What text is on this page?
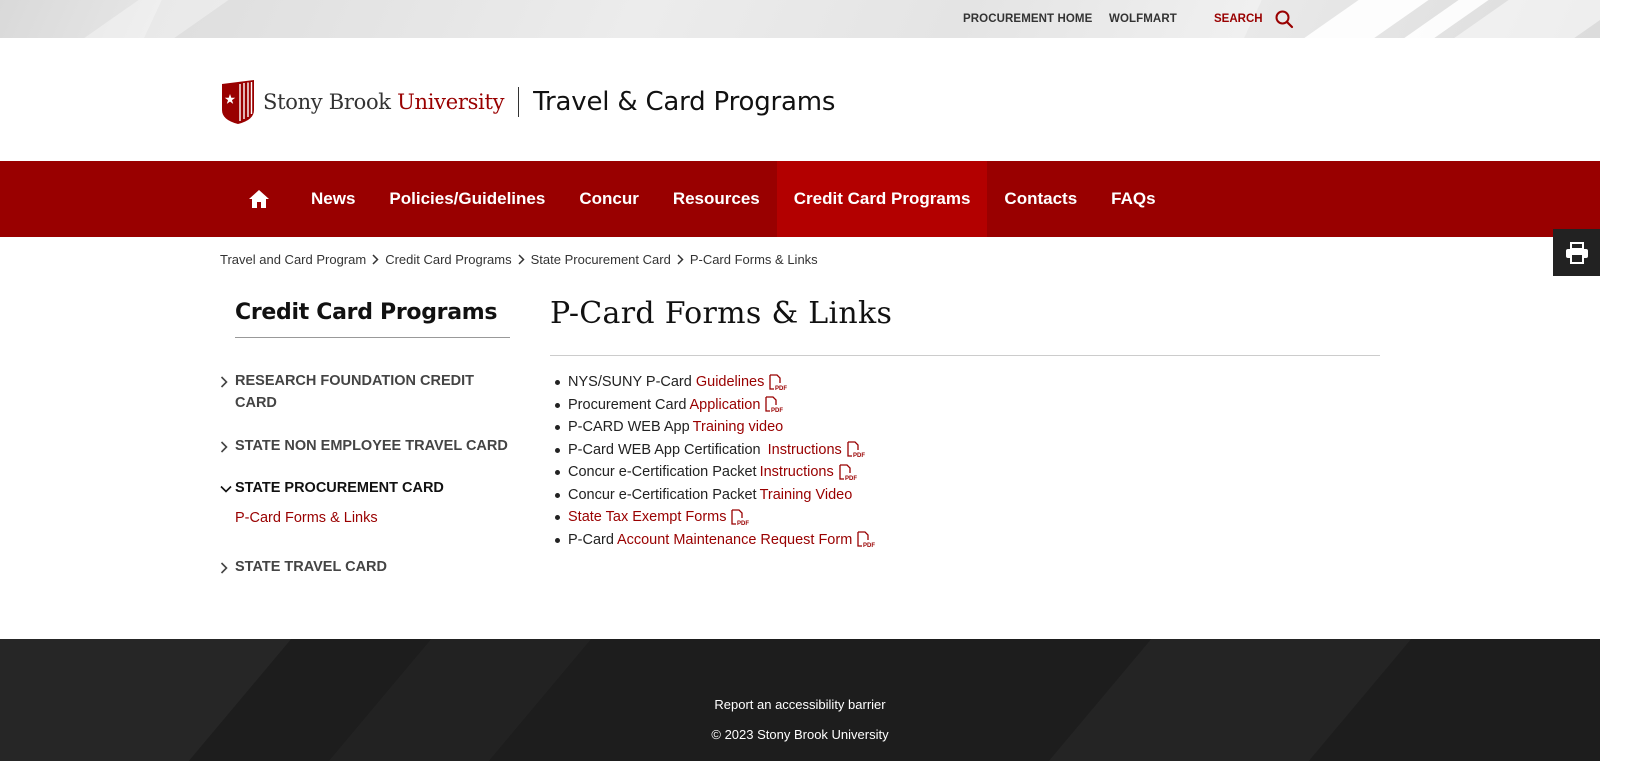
PROCUREMENT HOME WOLFMART	SEARCH
Stony Brook University Travel & Card Programs
News	Policies/Guidelines	Concur	Resources	Credit Card Programs	Contacts	FAQs
Travel and Card Program Credit Card Programs State Procurement Card P-Card Forms & Links
Credit Card Programs
RESEARCH FOUNDATION CREDIT CARD
STATE NON EMPLOYEE TRAVEL CARD
STATE PROCUREMENT CARD
P-Card Forms & Links
STATE TRAVEL CARD
P-Card Forms & Links
NYS/SUNY P-Card Guidelines PDF
Procurement Card Application PDF
P-CARD WEB App Training video
P-Card WEB App Certification Instructions PDF
Concur e-Certification Packet Instructions PDF
Concur e-Certification Packet Training Video
State Tax Exempt Forms PDF
P-Card Account Maintenance Request Form PDF
Report an accessibility barrier
© 2023 Stony Brook University
